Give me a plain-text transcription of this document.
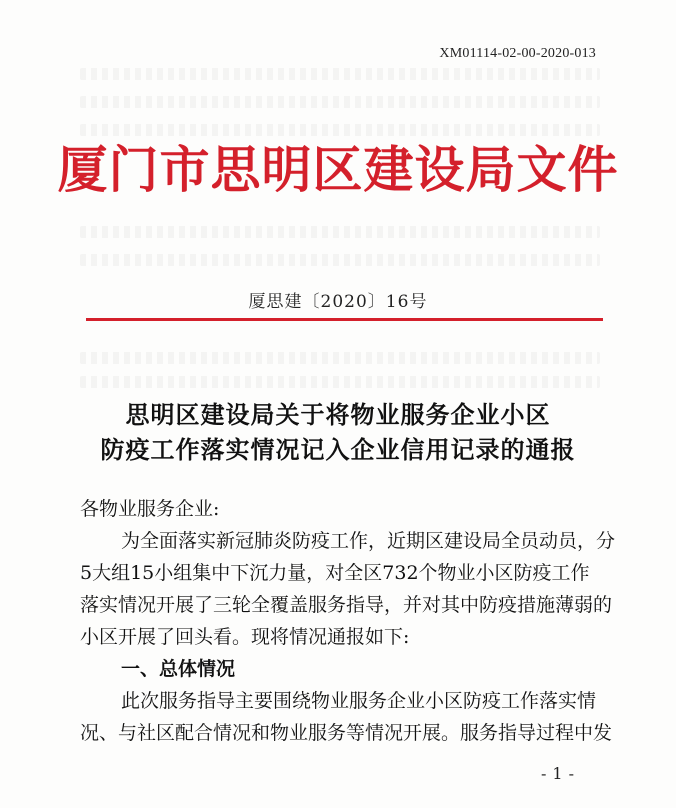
XM01114-02-00-2020-013
厦门市思明区建设局文件
厦思建〔2020〕16号
思明区建设局关于将物业服务企业小区
防疫工作落实情况记入企业信用记录的通报
各物业服务企业:
为全面落实新冠肺炎防疫工作，近期区建设局全员动员，分
5大组15小组集中下沉力量，对全区732个物业小区防疫工作
落实情况开展了三轮全覆盖服务指导，并对其中防疫措施薄弱的
小区开展了回头看。现将情况通报如下:
一、总体情况
此次服务指导主要围绕物业服务企业小区防疫工作落实情
况、与社区配合情况和物业服务等情况开展。服务指导过程中发
-1-
